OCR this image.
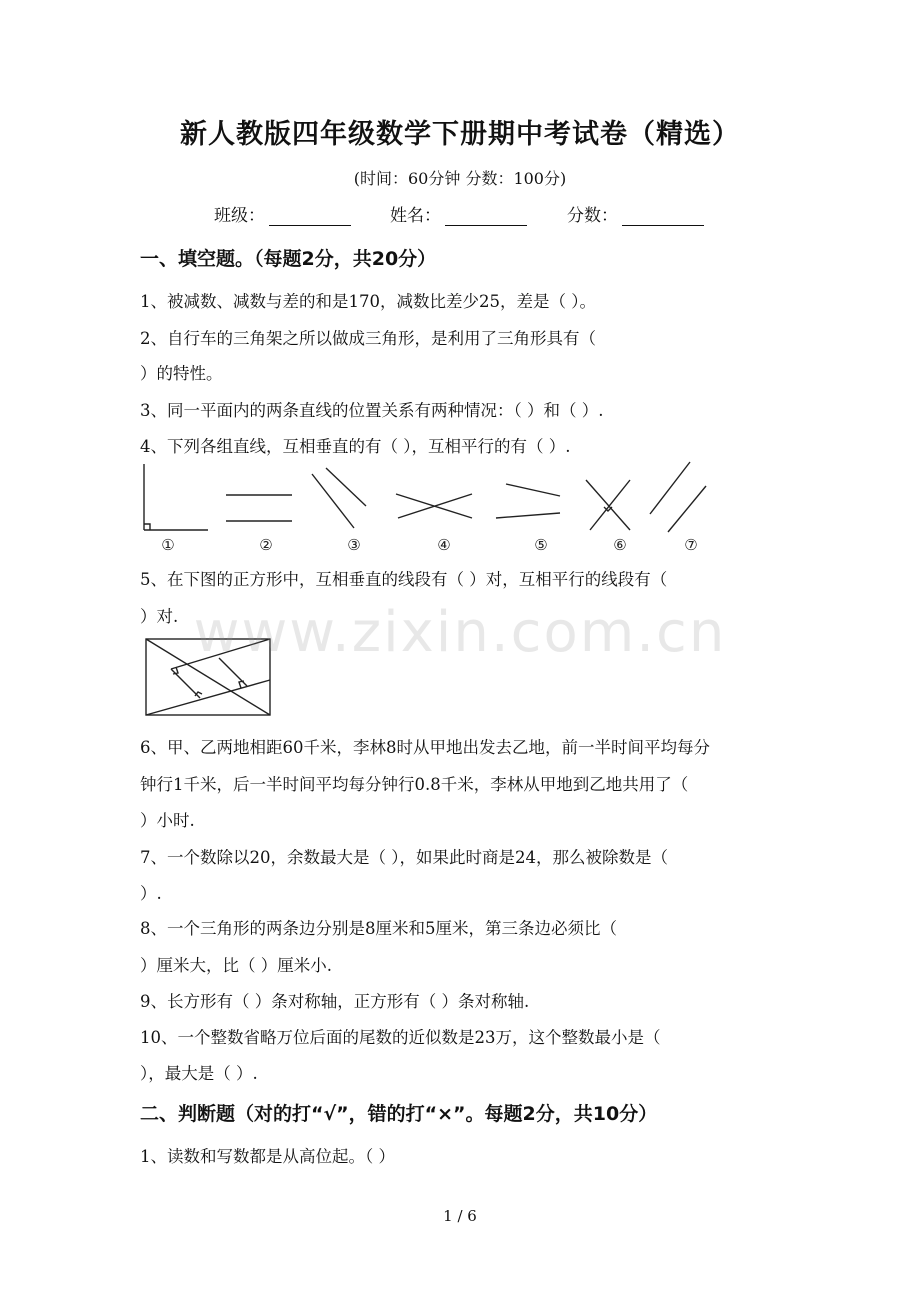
新人教版四年级数学下册期中考试卷（精选）
(时间：60分钟 分数：100分)
班级：	姓名：	分数：
一、填空题。（每题2分，共20分）
1、被减数、减数与差的和是170，减数比差少25，差是（ ）。
2、自行车的三角架之所以做成三角形，是利用了三角形具有（
）的特性。
3、同一平面内的两条直线的位置关系有两种情况：（ ）和（ ）.
4、下列各组直线，互相垂直的有（ ），互相平行的有（ ）.
①	②	③	④	⑤	⑥	⑦
5、在下图的正方形中，互相垂直的线段有（ ）对，互相平行的线段有（
）对. www.zixin.com.cn
6、甲、乙两地相距60千米，李林8时从甲地出发去乙地，前一半时间平均每分
钟行1千米，后一半时间平均每分钟行0.8千米，李林从甲地到乙地共用了（
）小时.
7、一个数除以20，余数最大是（ ），如果此时商是24，那么被除数是（
）.
8、一个三角形的两条边分别是8厘米和5厘米，第三条边必须比（
）厘米大，比（ ）厘米小.
9、长方形有（ ）条对称轴，正方形有（ ）条对称轴.
10、一个整数省略万位后面的尾数的近似数是23万，这个整数最小是（
），最大是（ ）.
二、判断题（对的打“√”，错的打“×”。每题2分，共10分）
1、读数和写数都是从高位起。（ ）
1 / 6
